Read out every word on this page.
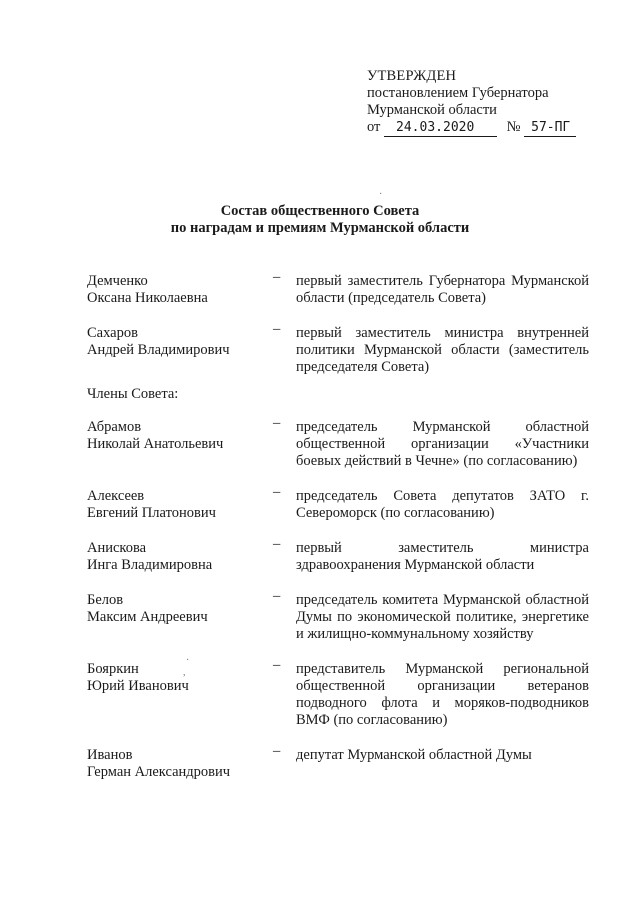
УТВЕРЖДЕН
постановлением Губернатора
Мурманской области
от 24.03.2020 № 57-ПГ
Состав общественного Совета
по наградам и премиям Мурманской области
Демченко
Оксана Николаевна
–	первый заместитель Губернатора Мурманской области (председатель Совета)
Сахаров
Андрей Владимирович
–	первый заместитель министра внутренней политики Мурманской области (заместитель председателя Совета)
Члены Совета:
Абрамов
Николай Анатольевич
–	председатель Мурманской областной общественной организации «Участники боевых действий в Чечне» (по согласованию)
Алексеев
Евгений Платонович
–	председатель Совета депутатов ЗАТО г. Североморск (по согласованию)
Анискова
Инга Владимировна
–	первый заместитель министра здравоохранения Мурманской области
Белов
Максим Андреевич
–	председатель комитета Мурманской областной Думы по экономической политике, энергетике и жилищно-коммунальному хозяйству
Бояркин
Юрий Иванович
–	представитель Мурманской региональной общественной организации ветеранов подводного флота и моряков-подводников ВМФ (по согласованию)
Иванов
Герман Александрович
–	депутат Мурманской областной Думы
·
·
,
